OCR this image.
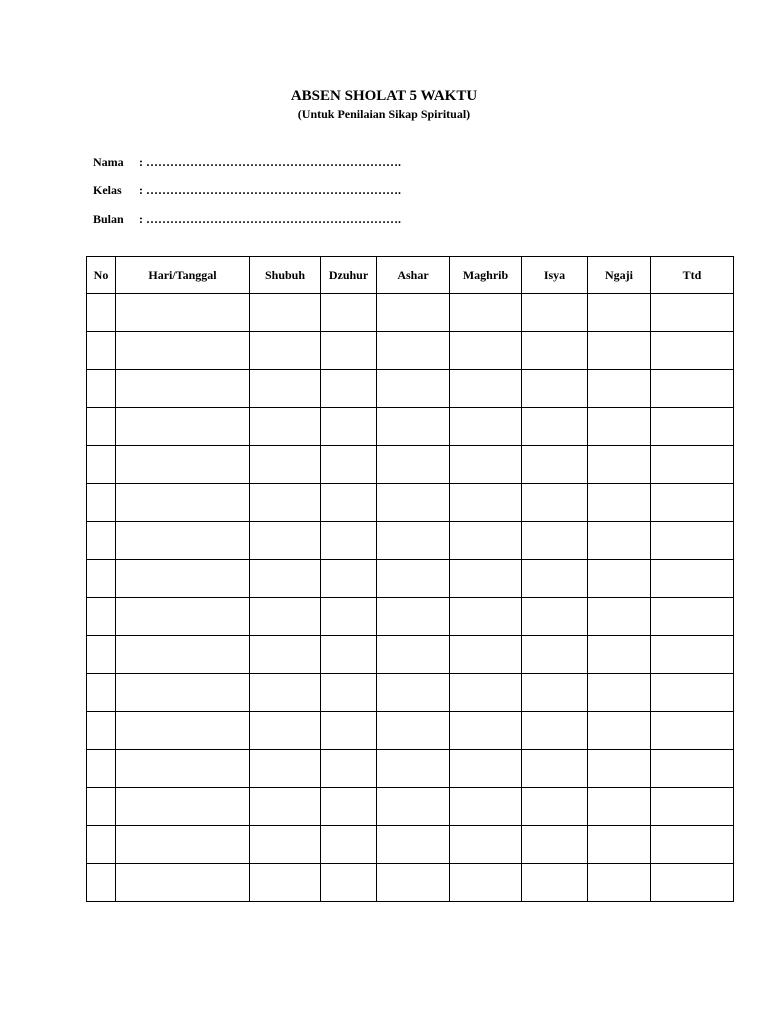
ABSEN SHOLAT 5 WAKTU
(Untuk Penilaian Sikap Spiritual)
Nama : ……………………………………………………….
Kelas : ……………………………………………………….
Bulan : ……………………………………………………….
No	Hari/Tanggal	Shubuh	Dzuhur	Ashar	Maghrib	Isya	Ngaji	Ttd
